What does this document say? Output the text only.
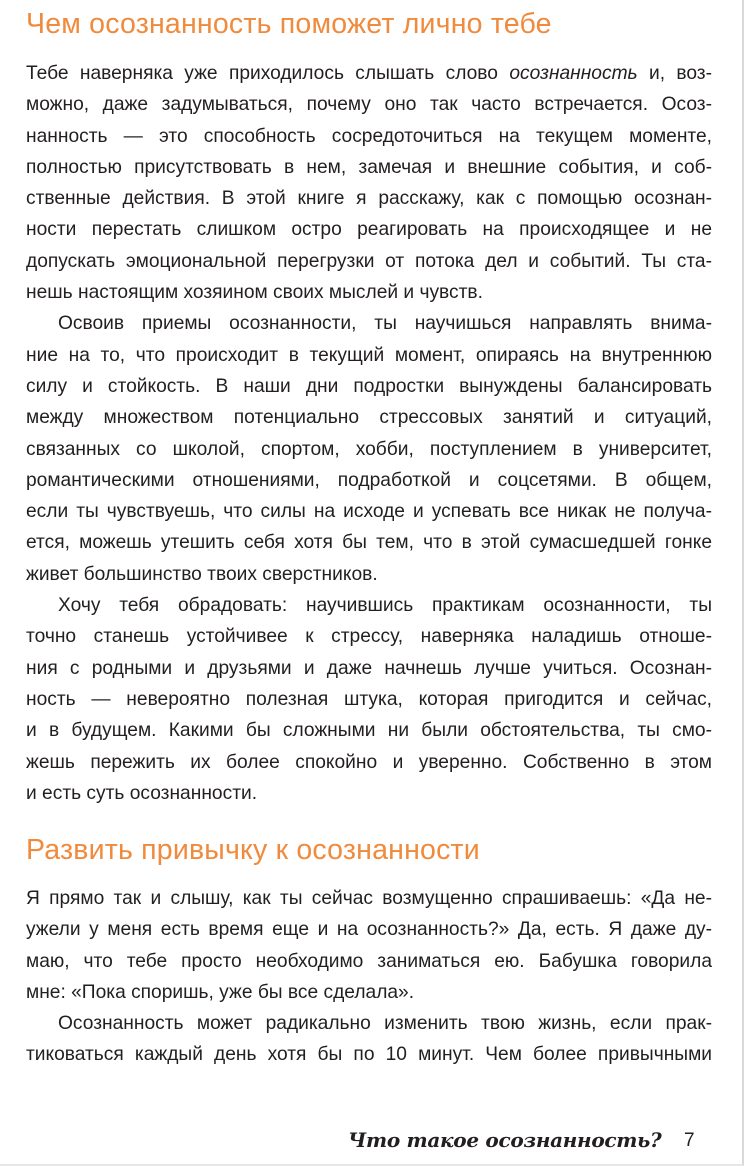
Чем осознанность поможет лично тебе

Тебе наверняка уже приходилось слышать слово осознанность и, воз-
можно, даже задумываться, почему оно так часто встречается. Осоз-
нанность — это способность сосредоточиться на текущем моменте,
полностью присутствовать в нем, замечая и внешние события, и соб-
ственные действия. В этой книге я расскажу, как с помощью осознан-
ности перестать слишком остро реагировать на происходящее и не
допускать эмоциональной перегрузки от потока дел и событий. Ты ста-
нешь настоящим хозяином своих мыслей и чувств.

Освоив приемы осознанности, ты научишься направлять внима-
ние на то, что происходит в текущий момент, опираясь на внутреннюю
силу и стойкость. В наши дни подростки вынуждены балансировать
между множеством потенциально стрессовых занятий и ситуаций,
связанных со школой, спортом, хобби, поступлением в университет,
романтическими отношениями, подработкой и соцсетями. В общем,
если ты чувствуешь, что силы на исходе и успевать все никак не получа-
ется, можешь утешить себя хотя бы тем, что в этой сумасшедшей гонке
живет большинство твоих сверстников.

Хочу тебя обрадовать: научившись практикам осознанности, ты
точно станешь устойчивее к стрессу, наверняка наладишь отноше-
ния с родными и друзьями и даже начнешь лучше учиться. Осознан-
ность — невероятно полезная штука, которая пригодится и сейчас,
и в будущем. Какими бы сложными ни были обстоятельства, ты смо-
жешь пережить их более спокойно и уверенно. Собственно в этом
и есть суть осознанности.

Развить привычку к осознанности

Я прямо так и слышу, как ты сейчас возмущенно спрашиваешь: «Да не-
ужели у меня есть время еще и на осознанность?» Да, есть. Я даже ду-
маю, что тебе просто необходимо заниматься ею. Бабушка говорила
мне: «Пока споришь, уже бы все сделала».

Осознанность может радикально изменить твою жизнь, если прак-
тиковаться каждый день хотя бы по 10 минут. Чем более привычными

Что такое осознанность? 7
